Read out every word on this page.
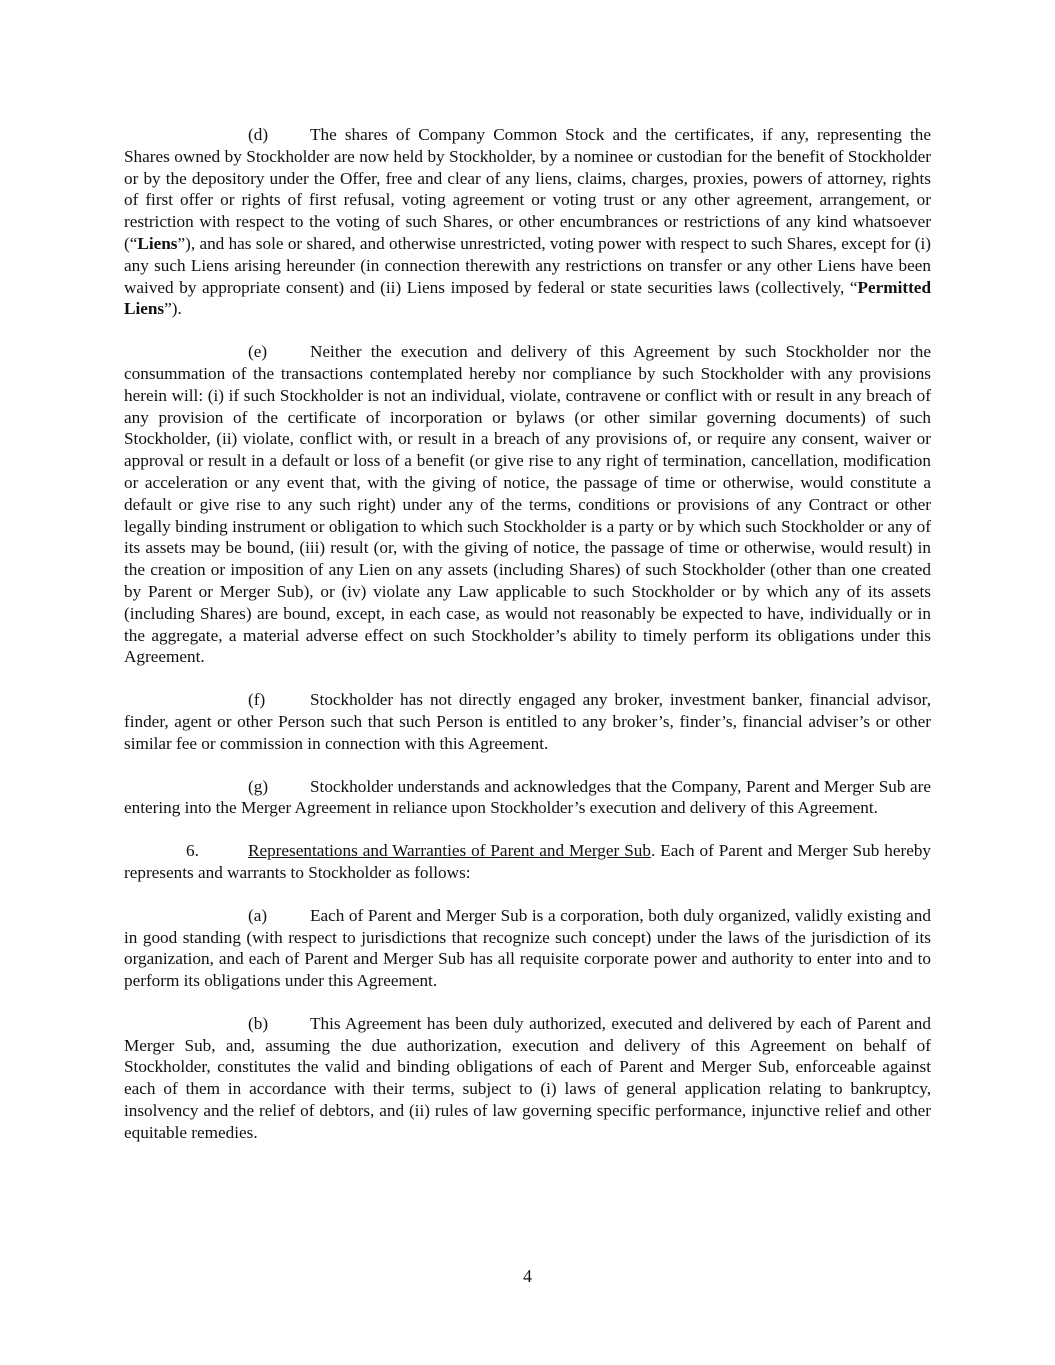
(d) The shares of Company Common Stock and the certificates, if any, representing the Shares owned by Stockholder are now held by Stockholder, by a nominee or custodian for the benefit of Stockholder or by the depository under the Offer, free and clear of any liens, claims, charges, proxies, powers of attorney, rights of first offer or rights of first refusal, voting agreement or voting trust or any other agreement, arrangement, or restriction with respect to the voting of such Shares, or other encumbrances or restrictions of any kind whatsoever (“Liens”), and has sole or shared, and otherwise unrestricted, voting power with respect to such Shares, except for (i) any such Liens arising hereunder (in connection therewith any restrictions on transfer or any other Liens have been waived by appropriate consent) and (ii) Liens imposed by federal or state securities laws (collectively, “Permitted Liens”).

(e) Neither the execution and delivery of this Agreement by such Stockholder nor the consummation of the transactions contemplated hereby nor compliance by such Stockholder with any provisions herein will: (i) if such Stockholder is not an individual, violate, contravene or conflict with or result in any breach of any provision of the certificate of incorporation or bylaws (or other similar governing documents) of such Stockholder, (ii) violate, conflict with, or result in a breach of any provisions of, or require any consent, waiver or approval or result in a default or loss of a benefit (or give rise to any right of termination, cancellation, modification or acceleration or any event that, with the giving of notice, the passage of time or otherwise, would constitute a default or give rise to any such right) under any of the terms, conditions or provisions of any Contract or other legally binding instrument or obligation to which such Stockholder is a party or by which such Stockholder or any of its assets may be bound, (iii) result (or, with the giving of notice, the passage of time or otherwise, would result) in the creation or imposition of any Lien on any assets (including Shares) of such Stockholder (other than one created by Parent or Merger Sub), or (iv) violate any Law applicable to such Stockholder or by which any of its assets (including Shares) are bound, except, in each case, as would not reasonably be expected to have, individually or in the aggregate, a material adverse effect on such Stockholder’s ability to timely perform its obligations under this Agreement.

(f)	Stockholder has not directly engaged any broker, investment banker, financial advisor, finder, agent or other Person such that such Person is entitled to any broker’s, finder’s, financial adviser’s or other similar fee or commission in connection with this Agreement.

(g) Stockholder understands and acknowledges that the Company, Parent and Merger Sub are entering into the Merger Agreement in reliance upon Stockholder’s execution and delivery of this Agreement.

6.	Representations and Warranties of Parent and Merger Sub. Each of Parent and Merger Sub hereby represents and warrants to Stockholder as follows:

(a) Each of Parent and Merger Sub is a corporation, both duly organized, validly existing and in good standing (with respect to jurisdictions that recognize such concept) under the laws of the jurisdiction of its organization, and each of Parent and Merger Sub has all requisite corporate power and authority to enter into and to perform its obligations under this Agreement.

(b) This Agreement has been duly authorized, executed and delivered by each of Parent and Merger Sub, and, assuming the due authorization, execution and delivery of this Agreement on behalf of Stockholder, constitutes the valid and binding obligations of each of Parent and Merger Sub, enforceable against each of them in accordance with their terms, subject to (i) laws of general application relating to bankruptcy, insolvency and the relief of debtors, and (ii) rules of law governing specific performance, injunctive relief and other equitable remedies.

4
